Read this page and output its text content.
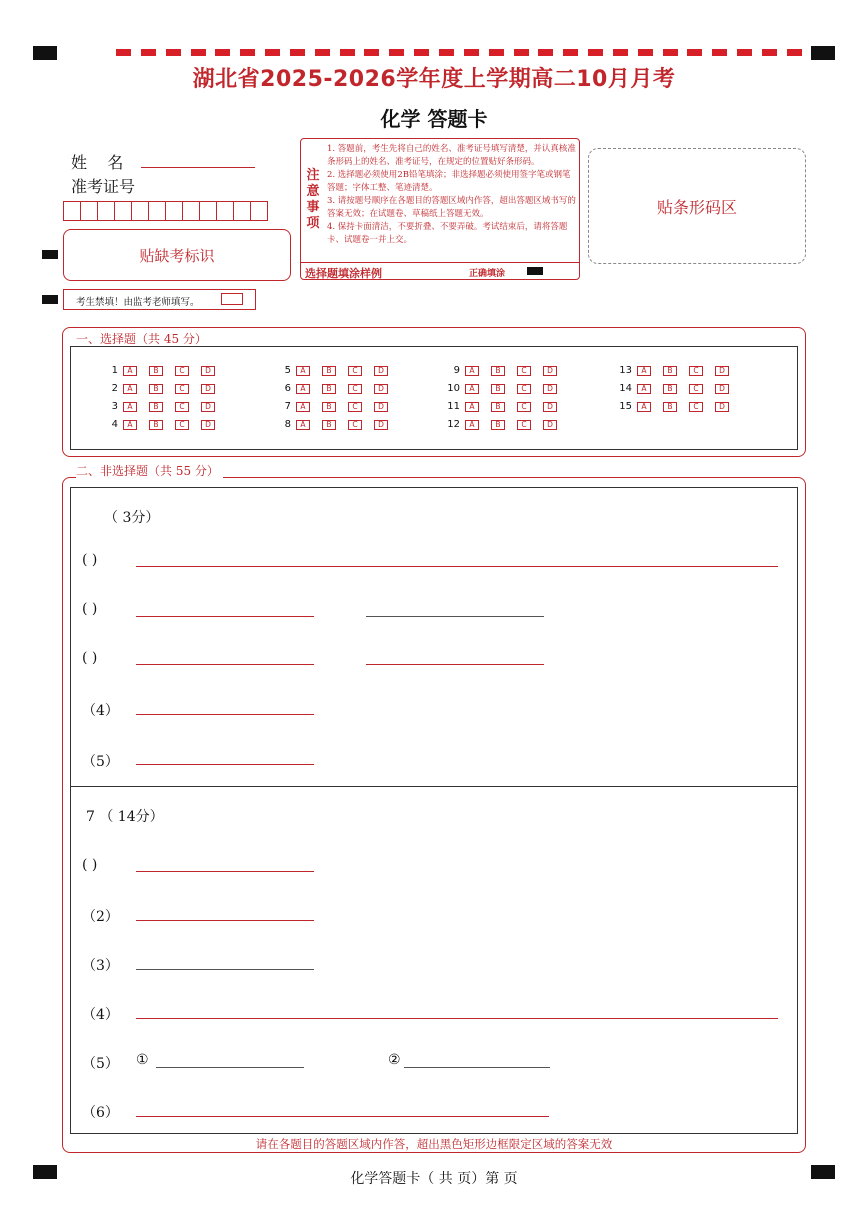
湖北省2025-2026学年度上学期高二10月月考
化学 答题卡
姓    名
准考证号
贴缺考标识
考生禁填！由监考老师填写。
注
意
事
项
1. 答题前，考生先将自己的姓名、准考证号填写清楚，并认真核准条形码上的姓名、准考证号，在规定的位置贴好条形码。
2. 选择题必须使用2B铅笔填涂；非选择题必须使用签字笔或钢笔答题；字体工整、笔迹清楚。
3. 请按题号顺序在各题目的答题区域内作答，超出答题区域书写的答案无效；在试题卷、草稿纸上答题无效。
4. 保持卡面清洁，不要折叠、不要弄破。考试结束后，请将答题卡、试题卷一并上交。
选择题填涂样例	正确填涂
贴条形码区
一、选择题（共 45 分）
1	A	B	C	D
2	A	B	C	D
3	A	B	C	D
4	A	B	C	D
5	A	B	C	D
6	A	B	C	D
7	A	B	C	D
8	A	B	C	D
9	A	B	C	D
10	A	B	C	D
11	A	B	C	D
12	A	B	C	D
13	A	B	C	D
14	A	B	C	D
15	A	B	C	D
二、非选择题（共 55 分）
（ 3分）
( )
( )
( )
（4）
（5）
7 （ 14分）
( )
（2）
（3）
（4）
（5） ①	②
（6）
请在各题目的答题区域内作答，超出黑色矩形边框限定区域的答案无效
化学答题卡（ 共 页）第 页
